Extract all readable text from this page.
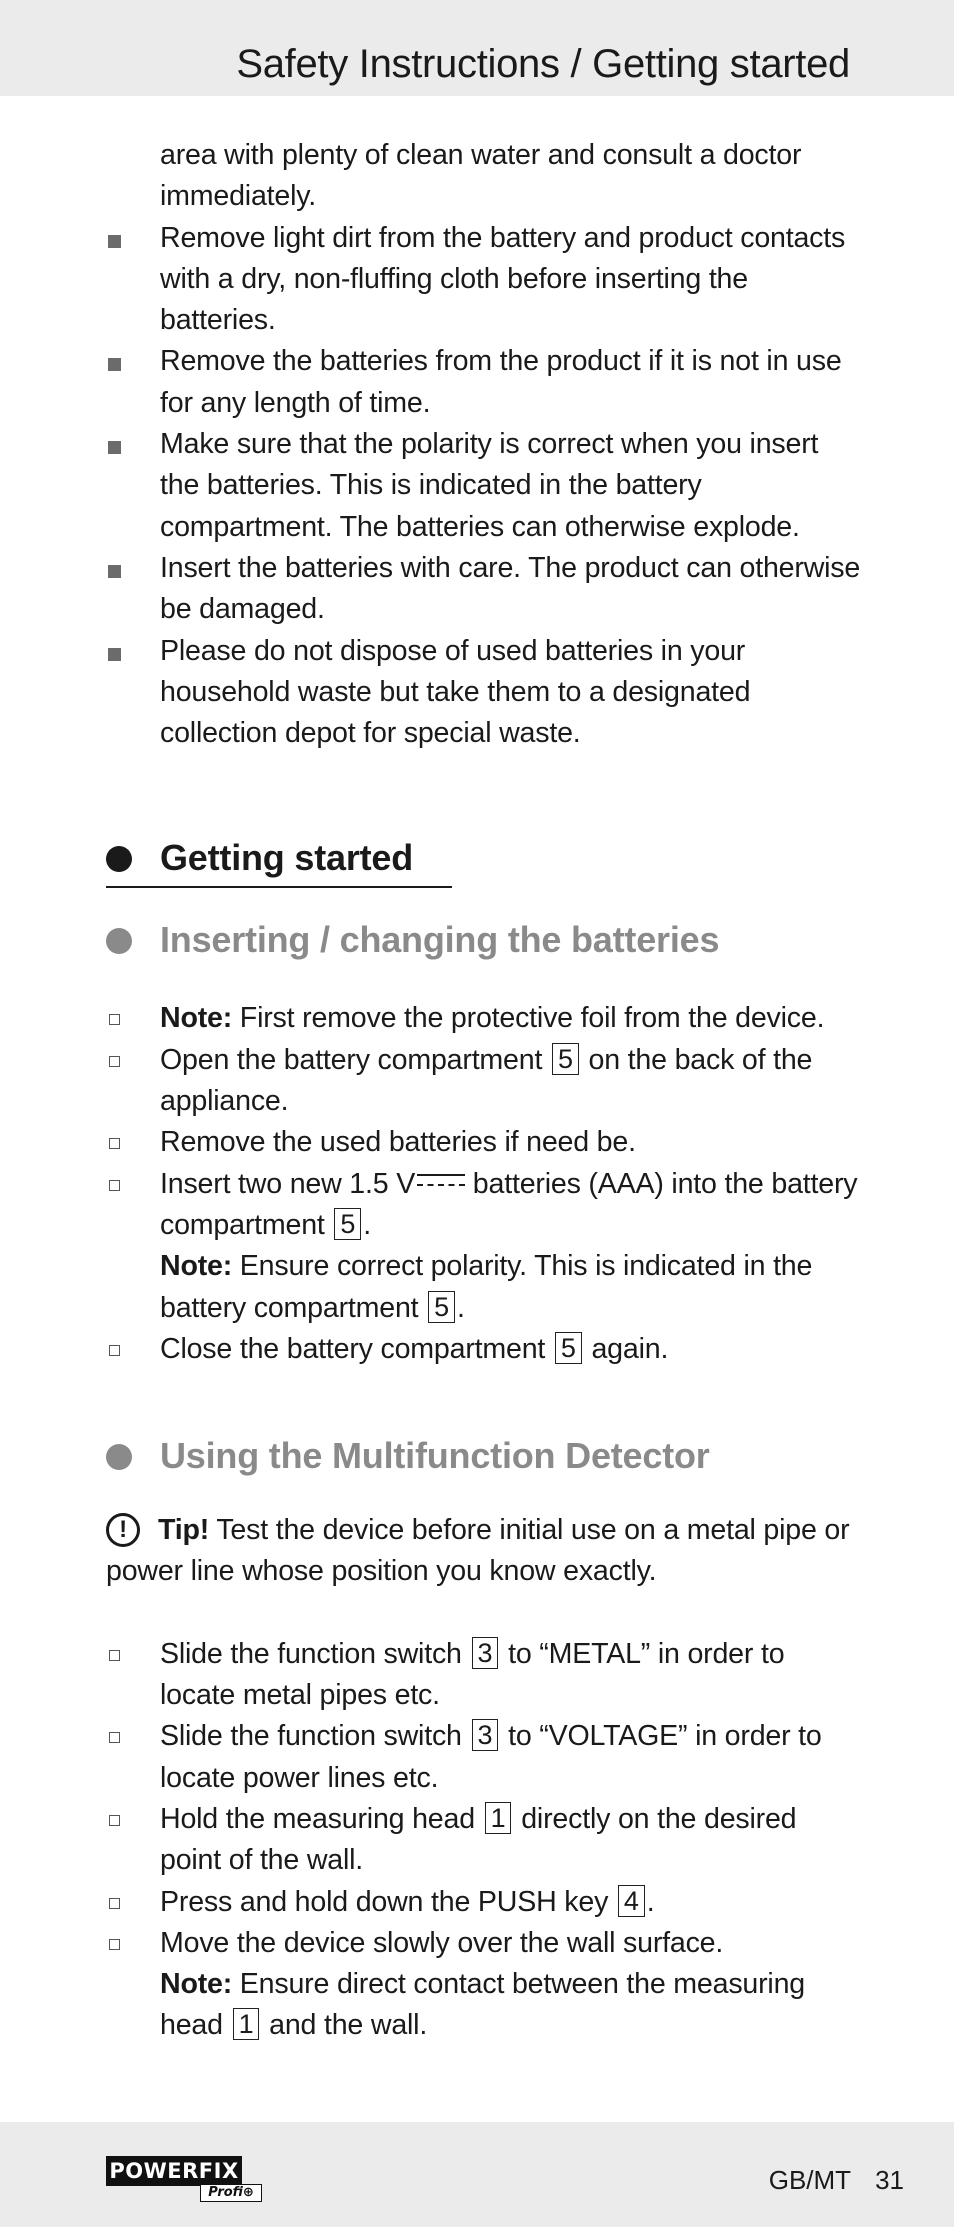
Safety Instructions / Getting started
area with plenty of clean water and consult a doctor immediately.
Remove light dirt from the battery and product contacts with a dry, non-fluffing cloth before inserting the batteries.
Remove the batteries from the product if it is not in use for any length of time.
Make sure that the polarity is correct when you insert the batteries. This is indicated in the battery compartment. The batteries can otherwise explode.
Insert the batteries with care. The product can otherwise be damaged.
Please do not dispose of used batteries in your household waste but take them to a designated collection depot for special waste.
Getting started
Inserting / changing the batteries
Note: First remove the protective foil from the device.
Open the battery compartment 5 on the back of the appliance.
Remove the used batteries if need be.
Insert two new 1.5 V batteries (AAA) into the battery compartment 5 .
Note: Ensure correct polarity. This is indicated in the battery compartment 5 .
Close the battery compartment 5 again.
Using the Multifunction Detector
!	Tip! Test the device before initial use on a metal pipe or power line whose position you know exactly.
Slide the function switch 3 to “METAL” in order to locate metal pipes etc.
Slide the function switch 3 to “VOLTAGE” in order to locate power lines etc.
Hold the measuring head 1 directly on the desired point of the wall.
Press and hold down the PUSH key 4 .
Move the device slowly over the wall surface.
Note: Ensure direct contact between the measuring head 1 and the wall.
POWERFIX
Profi⊕	GB/MT 31
